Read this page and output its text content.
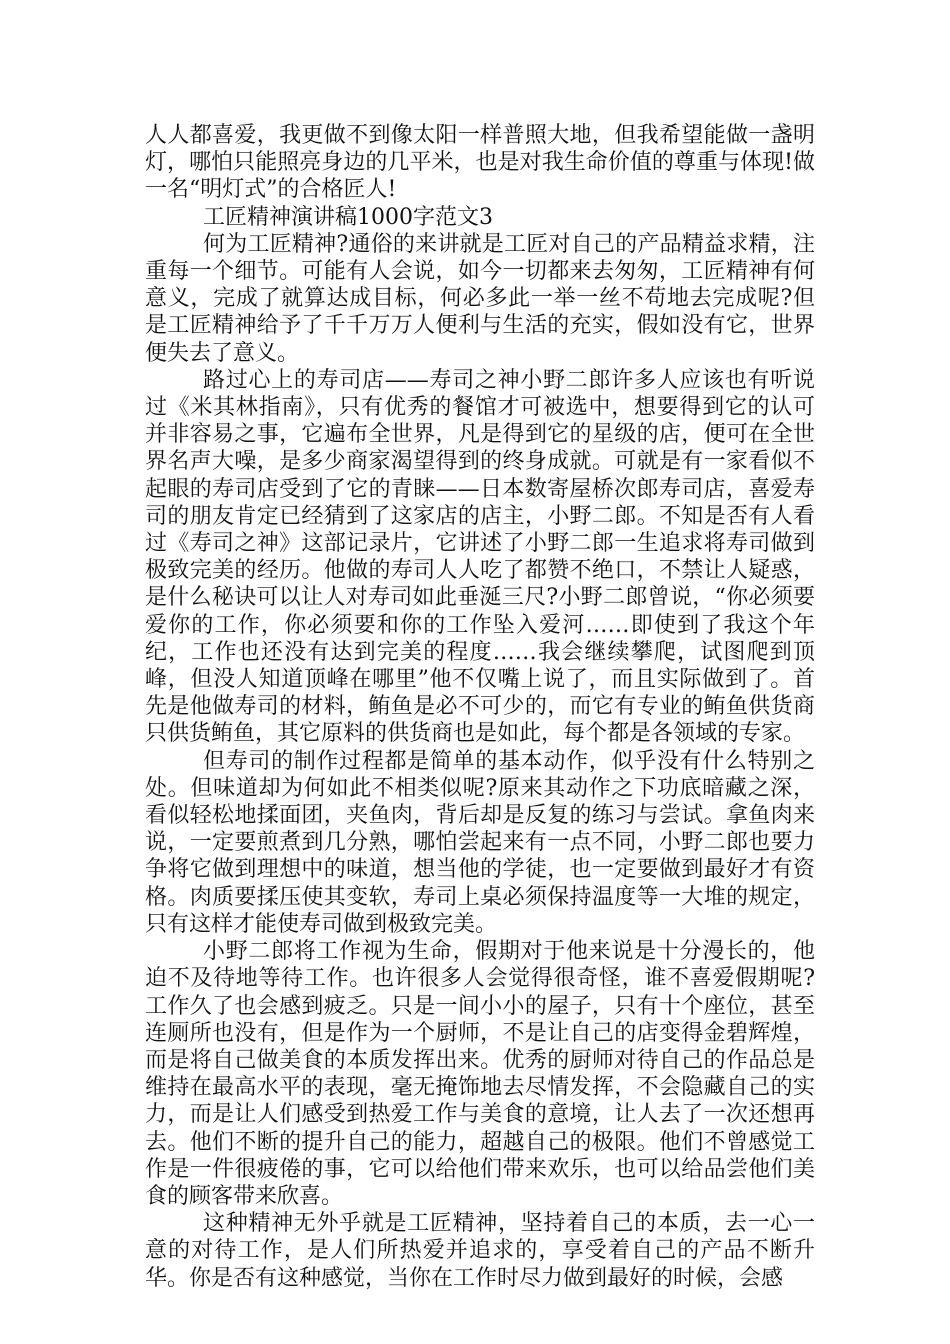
人人都喜爱，我更做不到像太阳一样普照大地，但我希望能做一盏明灯，哪怕只能照亮身边的几平米，也是对我生命价值的尊重与体现!做一名“明灯式”的合格匠人!

工匠精神演讲稿1000字范文3

何为工匠精神?通俗的来讲就是工匠对自己的产品精益求精，注重每一个细节。可能有人会说，如今一切都来去匆匆，工匠精神有何意义，完成了就算达成目标，何必多此一举一丝不苟地去完成呢?但是工匠精神给予了千千万万人便利与生活的充实，假如没有它，世界便失去了意义。

路过心上的寿司店——寿司之神小野二郎许多人应该也有听说过《米其林指南》，只有优秀的餐馆才可被选中，想要得到它的认可并非容易之事，它遍布全世界，凡是得到它的星级的店，便可在全世界名声大噪，是多少商家渴望得到的终身成就。可就是有一家看似不起眼的寿司店受到了它的青睐——日本数寄屋桥次郎寿司店，喜爱寿司的朋友肯定已经猜到了这家店的店主，小野二郎。不知是否有人看过《寿司之神》这部记录片，它讲述了小野二郎一生追求将寿司做到极致完美的经历。他做的寿司人人吃了都赞不绝口，不禁让人疑惑，是什么秘诀可以让人对寿司如此垂涎三尺?小野二郎曾说，“你必须要爱你的工作，你必须要和你的工作坠入爱河……即使到了我这个年纪，工作也还没有达到完美的程度……我会继续攀爬，试图爬到顶峰，但没人知道顶峰在哪里”他不仅嘴上说了，而且实际做到了。首先是他做寿司的材料，鲔鱼是必不可少的，而它有专业的鲔鱼供货商只供货鲔鱼，其它原料的供货商也是如此，每个都是各领域的专家。

但寿司的制作过程都是简单的基本动作，似乎没有什么特别之处。但味道却为何如此不相类似呢?原来其动作之下功底暗藏之深，看似轻松地揉面团，夹鱼肉，背后却是反复的练习与尝试。拿鱼肉来说，一定要煎煮到几分熟，哪怕尝起来有一点不同，小野二郎也要力争将它做到理想中的味道，想当他的学徒，也一定要做到最好才有资格。肉质要揉压使其变软，寿司上桌必须保持温度等一大堆的规定，只有这样才能使寿司做到极致完美。

小野二郎将工作视为生命，假期对于他来说是十分漫长的，他迫不及待地等待工作。也许很多人会觉得很奇怪，谁不喜爱假期呢?工作久了也会感到疲乏。只是一间小小的屋子，只有十个座位，甚至连厕所也没有，但是作为一个厨师，不是让自己的店变得金碧辉煌，而是将自己做美食的本质发挥出来。优秀的厨师对待自己的作品总是维持在最高水平的表现，毫无掩饰地去尽情发挥，不会隐藏自己的实力，而是让人们感受到热爱工作与美食的意境，让人去了一次还想再去。他们不断的提升自己的能力，超越自己的极限。他们不曾感觉工作是一件很疲倦的事，它可以给他们带来欢乐，也可以给品尝他们美食的顾客带来欣喜。

这种精神无外乎就是工匠精神，坚持着自己的本质，去一心一意的对待工作，是人们所热爱并追求的，享受着自己的产品不断升华。你是否有这种感觉，当你在工作时尽力做到最好的时候，会感
